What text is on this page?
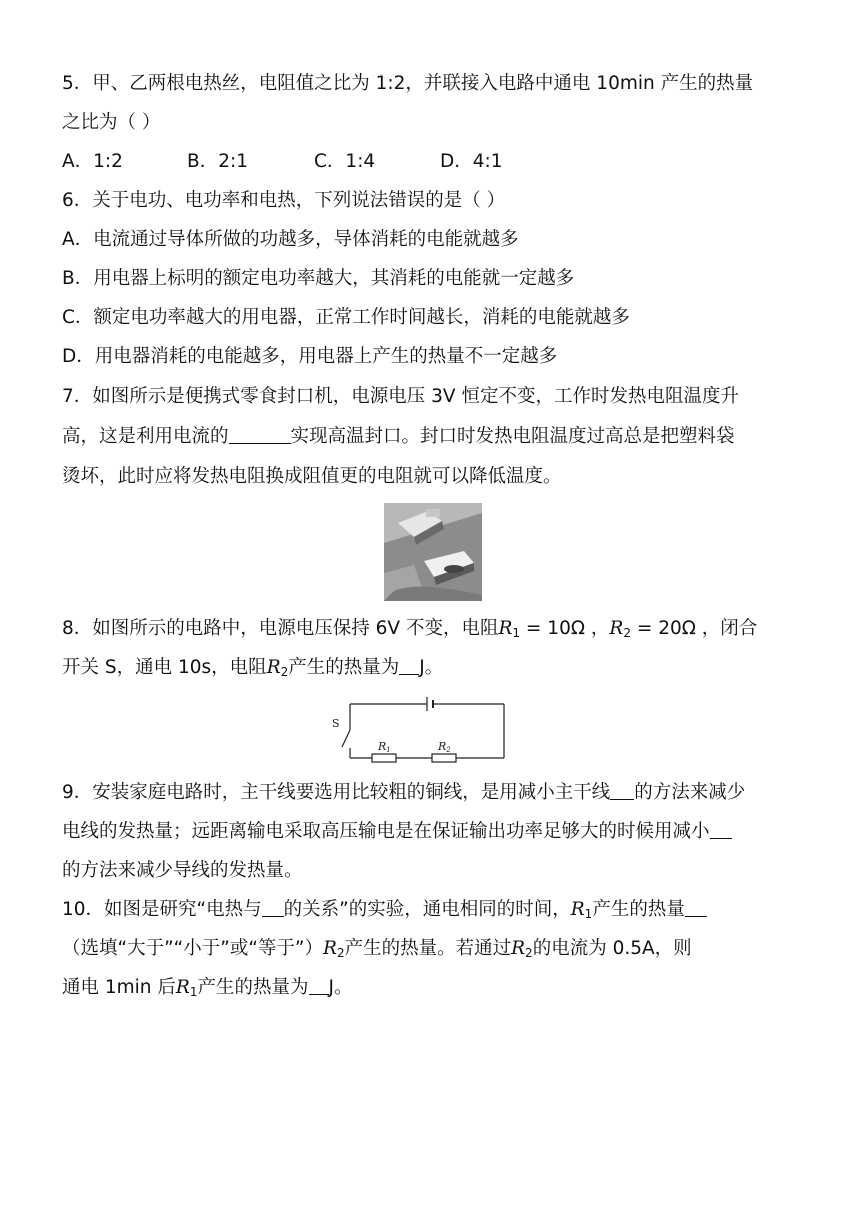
5．甲、乙两根电热丝，电阻值之比为 1:2，并联接入电路中通电 10min 产生的热量
之比为（ ）
A．1:2	B．2:1	C．1:4	D．4:1
6．关于电功、电功率和电热，下列说法错误的是（ ）
A．电流通过导体所做的功越多，导体消耗的电能就越多
B．用电器上标明的额定电功率越大，其消耗的电能就一定越多
C．额定电功率越大的用电器，正常工作时间越长，消耗的电能就越多
D．用电器消耗的电能越多，用电器上产生的热量不一定越多
7．如图所示是便携式零食封口机，电源电压 3V 恒定不变，工作时发热电阻温度升
高，这是利用电流的	实现高温封口。封口时发热电阻温度过高总是把塑料袋
烫坏，此时应将发热电阻换成阻值更的电阻就可以降低温度。
8．如图所示的电路中，电源电压保持 6V 不变，电阻$R_1 = 10\Omega$ ，$R_2 = 20\Omega$ ，闭合
开关 S，通电 10s，电阻$R_2$产生的热量为 J。
S
R1	R2
9．安装家庭电路时，主干线要选用比较粗的铜线，是用减小主干线 的方法来减少
电线的发热量；远距离输电采取高压输电是在保证输出功率足够大的时候用减小
的方法来减少导线的发热量。
10．如图是研究“电热与 的关系”的实验，通电相同的时间，$R_1$产生的热量
（选填“大于”“小于”或“等于$”)R_2$产生的热量。若通过$R_2$的电流为 0.5A，则
通电 1min 后$R_1$产生的热量为 J。
